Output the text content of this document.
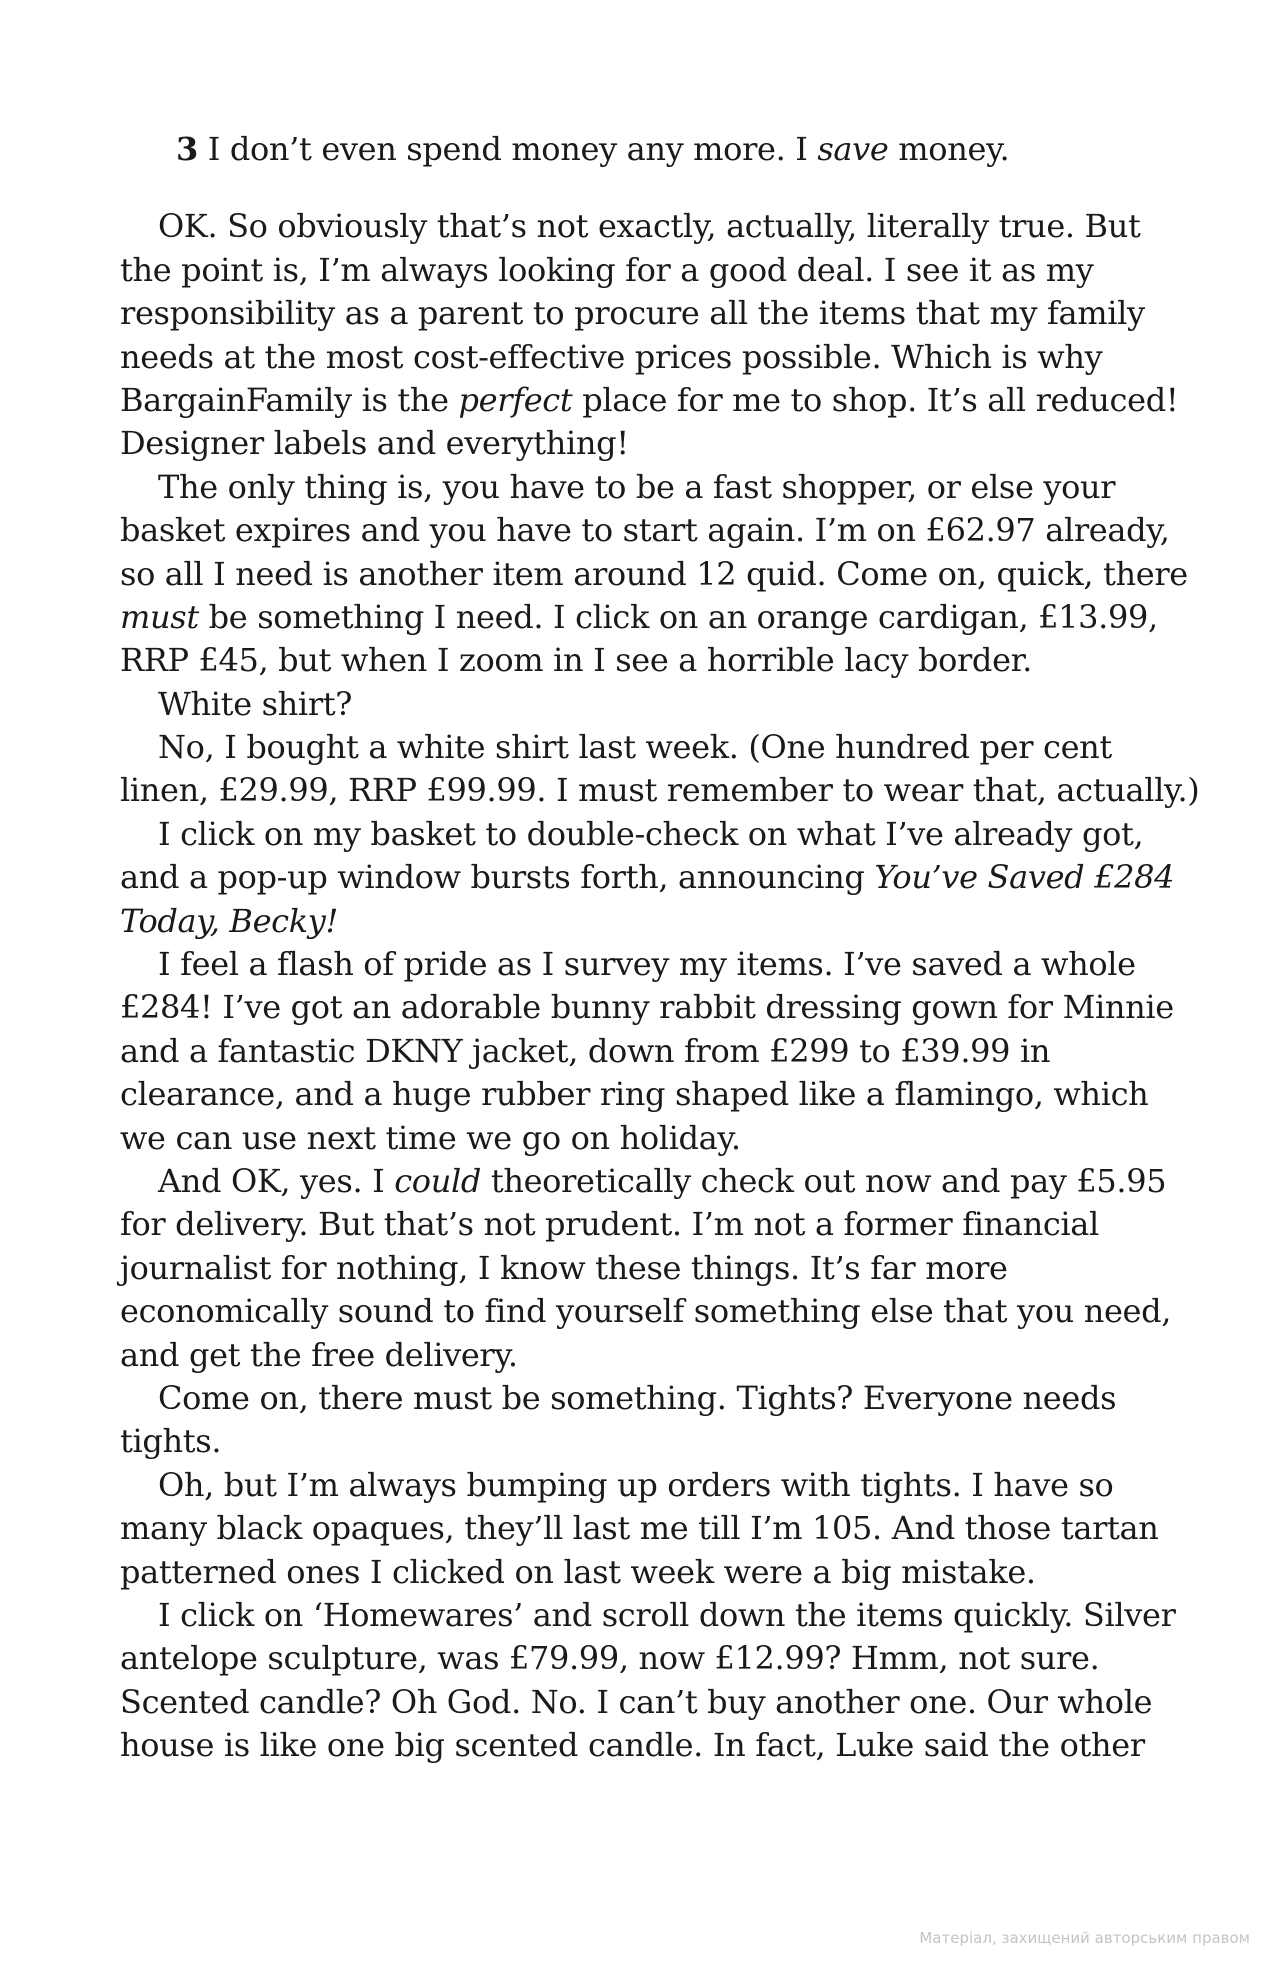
3 I don’t even spend money any more. I save money.
OK. So obviously that’s not exactly, actually, literally true. But
the point is, I’m always looking for a good deal. I see it as my
responsibility as a parent to procure all the items that my family
needs at the most cost-effective prices possible. Which is why
BargainFamily is the perfect place for me to shop. It’s all reduced!
Designer labels and everything!
The only thing is, you have to be a fast shopper, or else your
basket expires and you have to start again. I’m on £62.97 already,
so all I need is another item around 12 quid. Come on, quick, there
must be something I need. I click on an orange cardigan, £13.99,
RRP £45, but when I zoom in I see a horrible lacy border.
White shirt?
No, I bought a white shirt last week. (One hundred per cent
linen, £29.99, RRP £99.99. I must remember to wear that, actually.)
I click on my basket to double-check on what I’ve already got,
and a pop-up window bursts forth, announcing You’ve Saved £284
Today, Becky!
I feel a flash of pride as I survey my items. I’ve saved a whole
£284! I’ve got an adorable bunny rabbit dressing gown for Minnie
and a fantastic DKNY jacket, down from £299 to £39.99 in
clearance, and a huge rubber ring shaped like a flamingo, which
we can use next time we go on holiday.
And OK, yes. I could theoretically check out now and pay £5.95
for delivery. But that’s not prudent. I’m not a former financial
journalist for nothing, I know these things. It’s far more
economically sound to find yourself something else that you need,
and get the free delivery.
Come on, there must be something. Tights? Everyone needs
tights.
Oh, but I’m always bumping up orders with tights. I have so
many black opaques, they’ll last me till I’m 105. And those tartan
patterned ones I clicked on last week were a big mistake.
I click on ‘Homewares’ and scroll down the items quickly. Silver
antelope sculpture, was £79.99, now £12.99? Hmm, not sure.
Scented candle? Oh God. No. I can’t buy another one. Our whole
house is like one big scented candle. In fact, Luke said the other
Матеріал, захищений авторським правом
